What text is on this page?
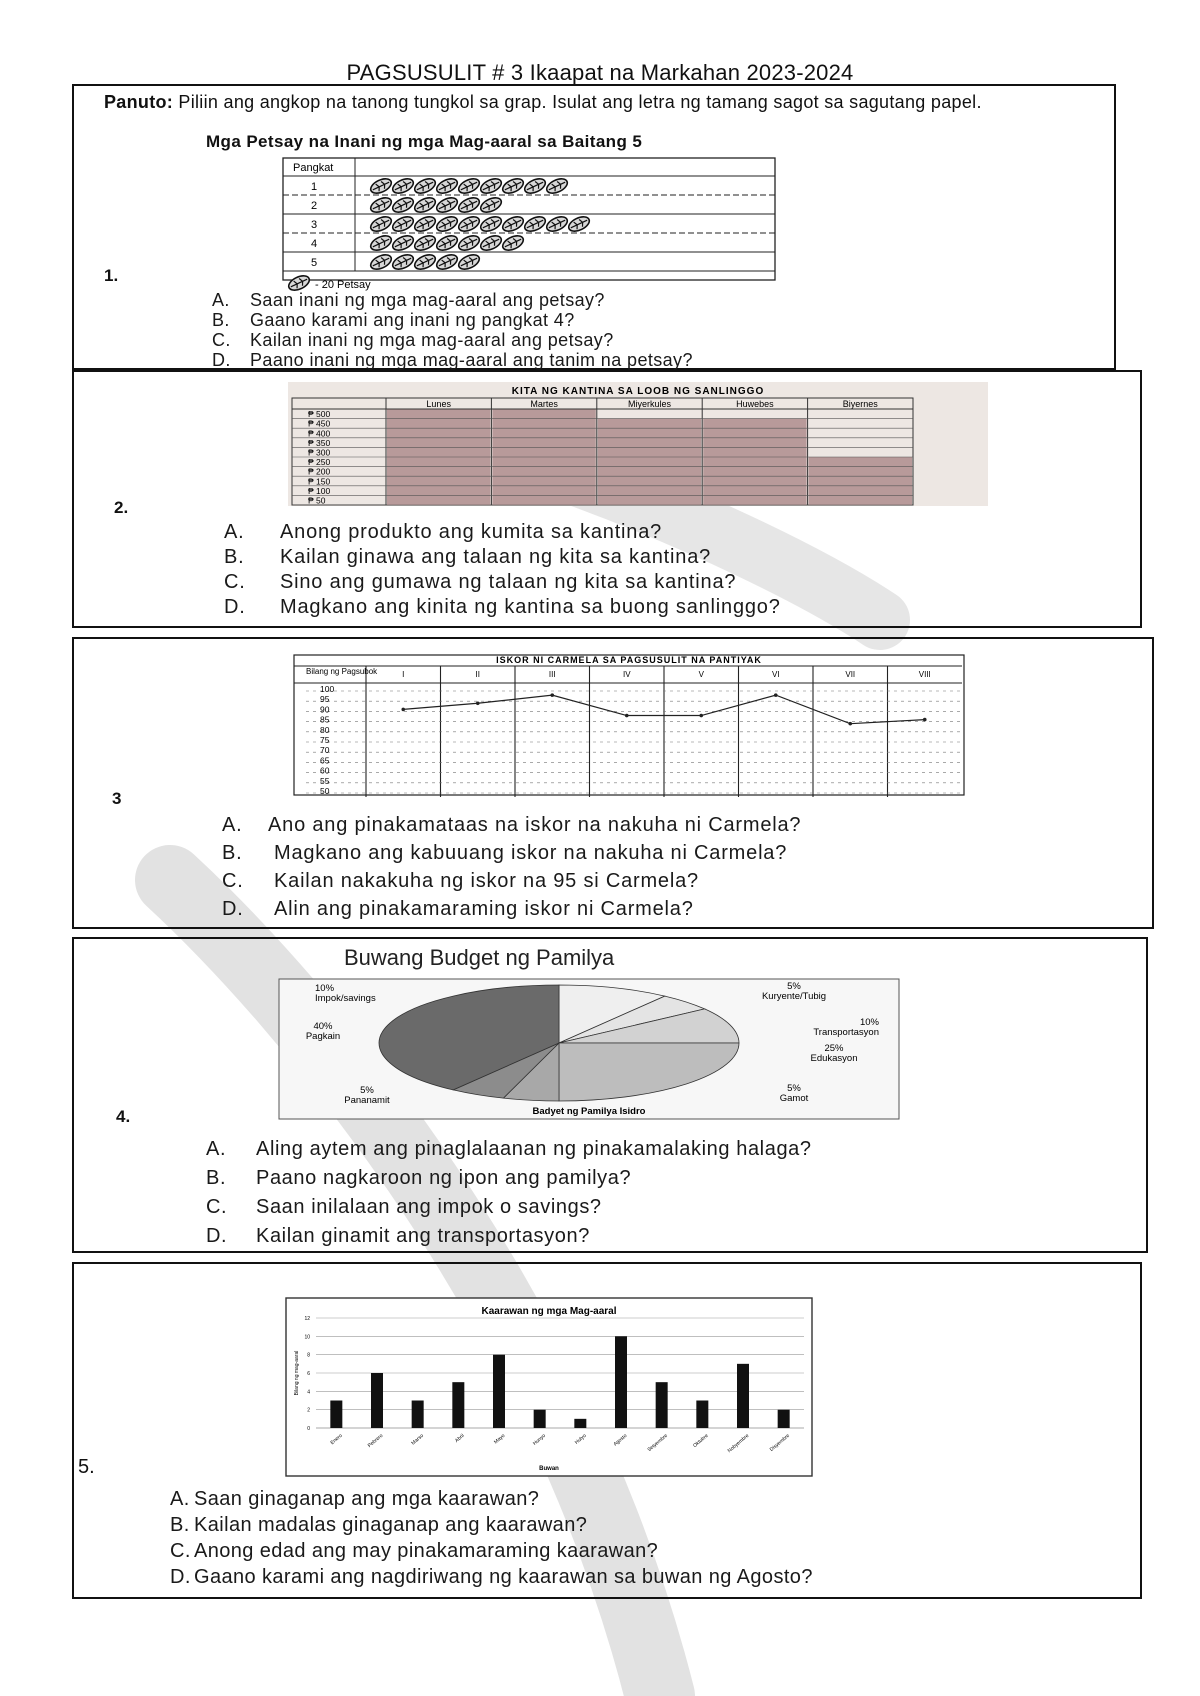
PAGSUSULIT # 3 Ikaapat na Markahan 2023-2024
Panuto: Piliin ang angkop na tanong tungkol sa grap. Isulat ang letra ng tamang sagot sa sagutang papel.
Mga Petsay na Inani ng mga Mag-aaral sa Baitang 5
Pangkat
1
2
3
4
5
- 20 Petsay
1.
A.	Saan inani ng mga mag-aaral ang petsay?
B.	Gaano karami ang inani ng pangkat 4?
C.	Kailan inani ng mga mag-aaral ang petsay?
D.	Paano inani ng mga mag-aaral ang tanim na petsay?
KITA NG KANTINA SA LOOB NG SANLINGGO
Lunes	Martes	Miyerkules	Huwebes	Biyernes
₱ 500
₱ 450
₱ 400
₱ 350
₱ 300
₱ 250
₱ 200
₱ 150
₱ 100
₱ 50
2.
A.	Anong produkto ang kumita sa kantina?
B.	Kailan ginawa ang talaan ng kita sa kantina?
C.	Sino ang gumawa ng talaan ng kita sa kantina?
D.	Magkano ang kinita ng kantina sa buong sanlinggo?
ISKOR NI CARMELA SA PAGSUSULIT NA PANTIYAK
Bilang ng Pagsubok	I	II	III	IV	V	VI	VII	VIII
100
95
90
85
80
75
70
65
60
55
50
3
A.	Ano ang pinakamataas na iskor na nakuha ni Carmela?
B.	Magkano ang kabuuang iskor na nakuha ni Carmela?
C.	Kailan nakakuha ng iskor na 95 si Carmela?
D.	Alin ang pinakamaraming iskor ni Carmela?
Buwang Budget ng Pamilya
10%
Impok/savings
5%
Kuryente/Tubig
10%
Transportasyon
25%
Edukasyon
5%
Gamot
5%
Pananamit
40%
Pagkain
Badyet ng Pamilya Isidro
4.
A.	Aling aytem ang pinaglalaanan ng pinakamalaking halaga?
B.	Paano nagkaroon ng ipon ang pamilya?
C.	Saan inilalaan ang impok o savings?
D.	Kailan ginamit ang transportasyon?
Kaarawan ng mga Mag-aaral
0
2
4
6
8
10
12
Bilang ng mag-aaral
Enero	Pebrero	Marso	Abril	Mayo	Hunyo	Hulyo	Agosto	Setyembre	Oktubre	Nobyembre	Disyembre
Buwan
5.
A. Saan ginaganap ang mga kaarawan?
B. Kailan madalas ginaganap ang kaarawan?
C. Anong edad ang may pinakamaraming kaarawan?
D. Gaano karami ang nagdiriwang ng kaarawan sa buwan ng Agosto?
